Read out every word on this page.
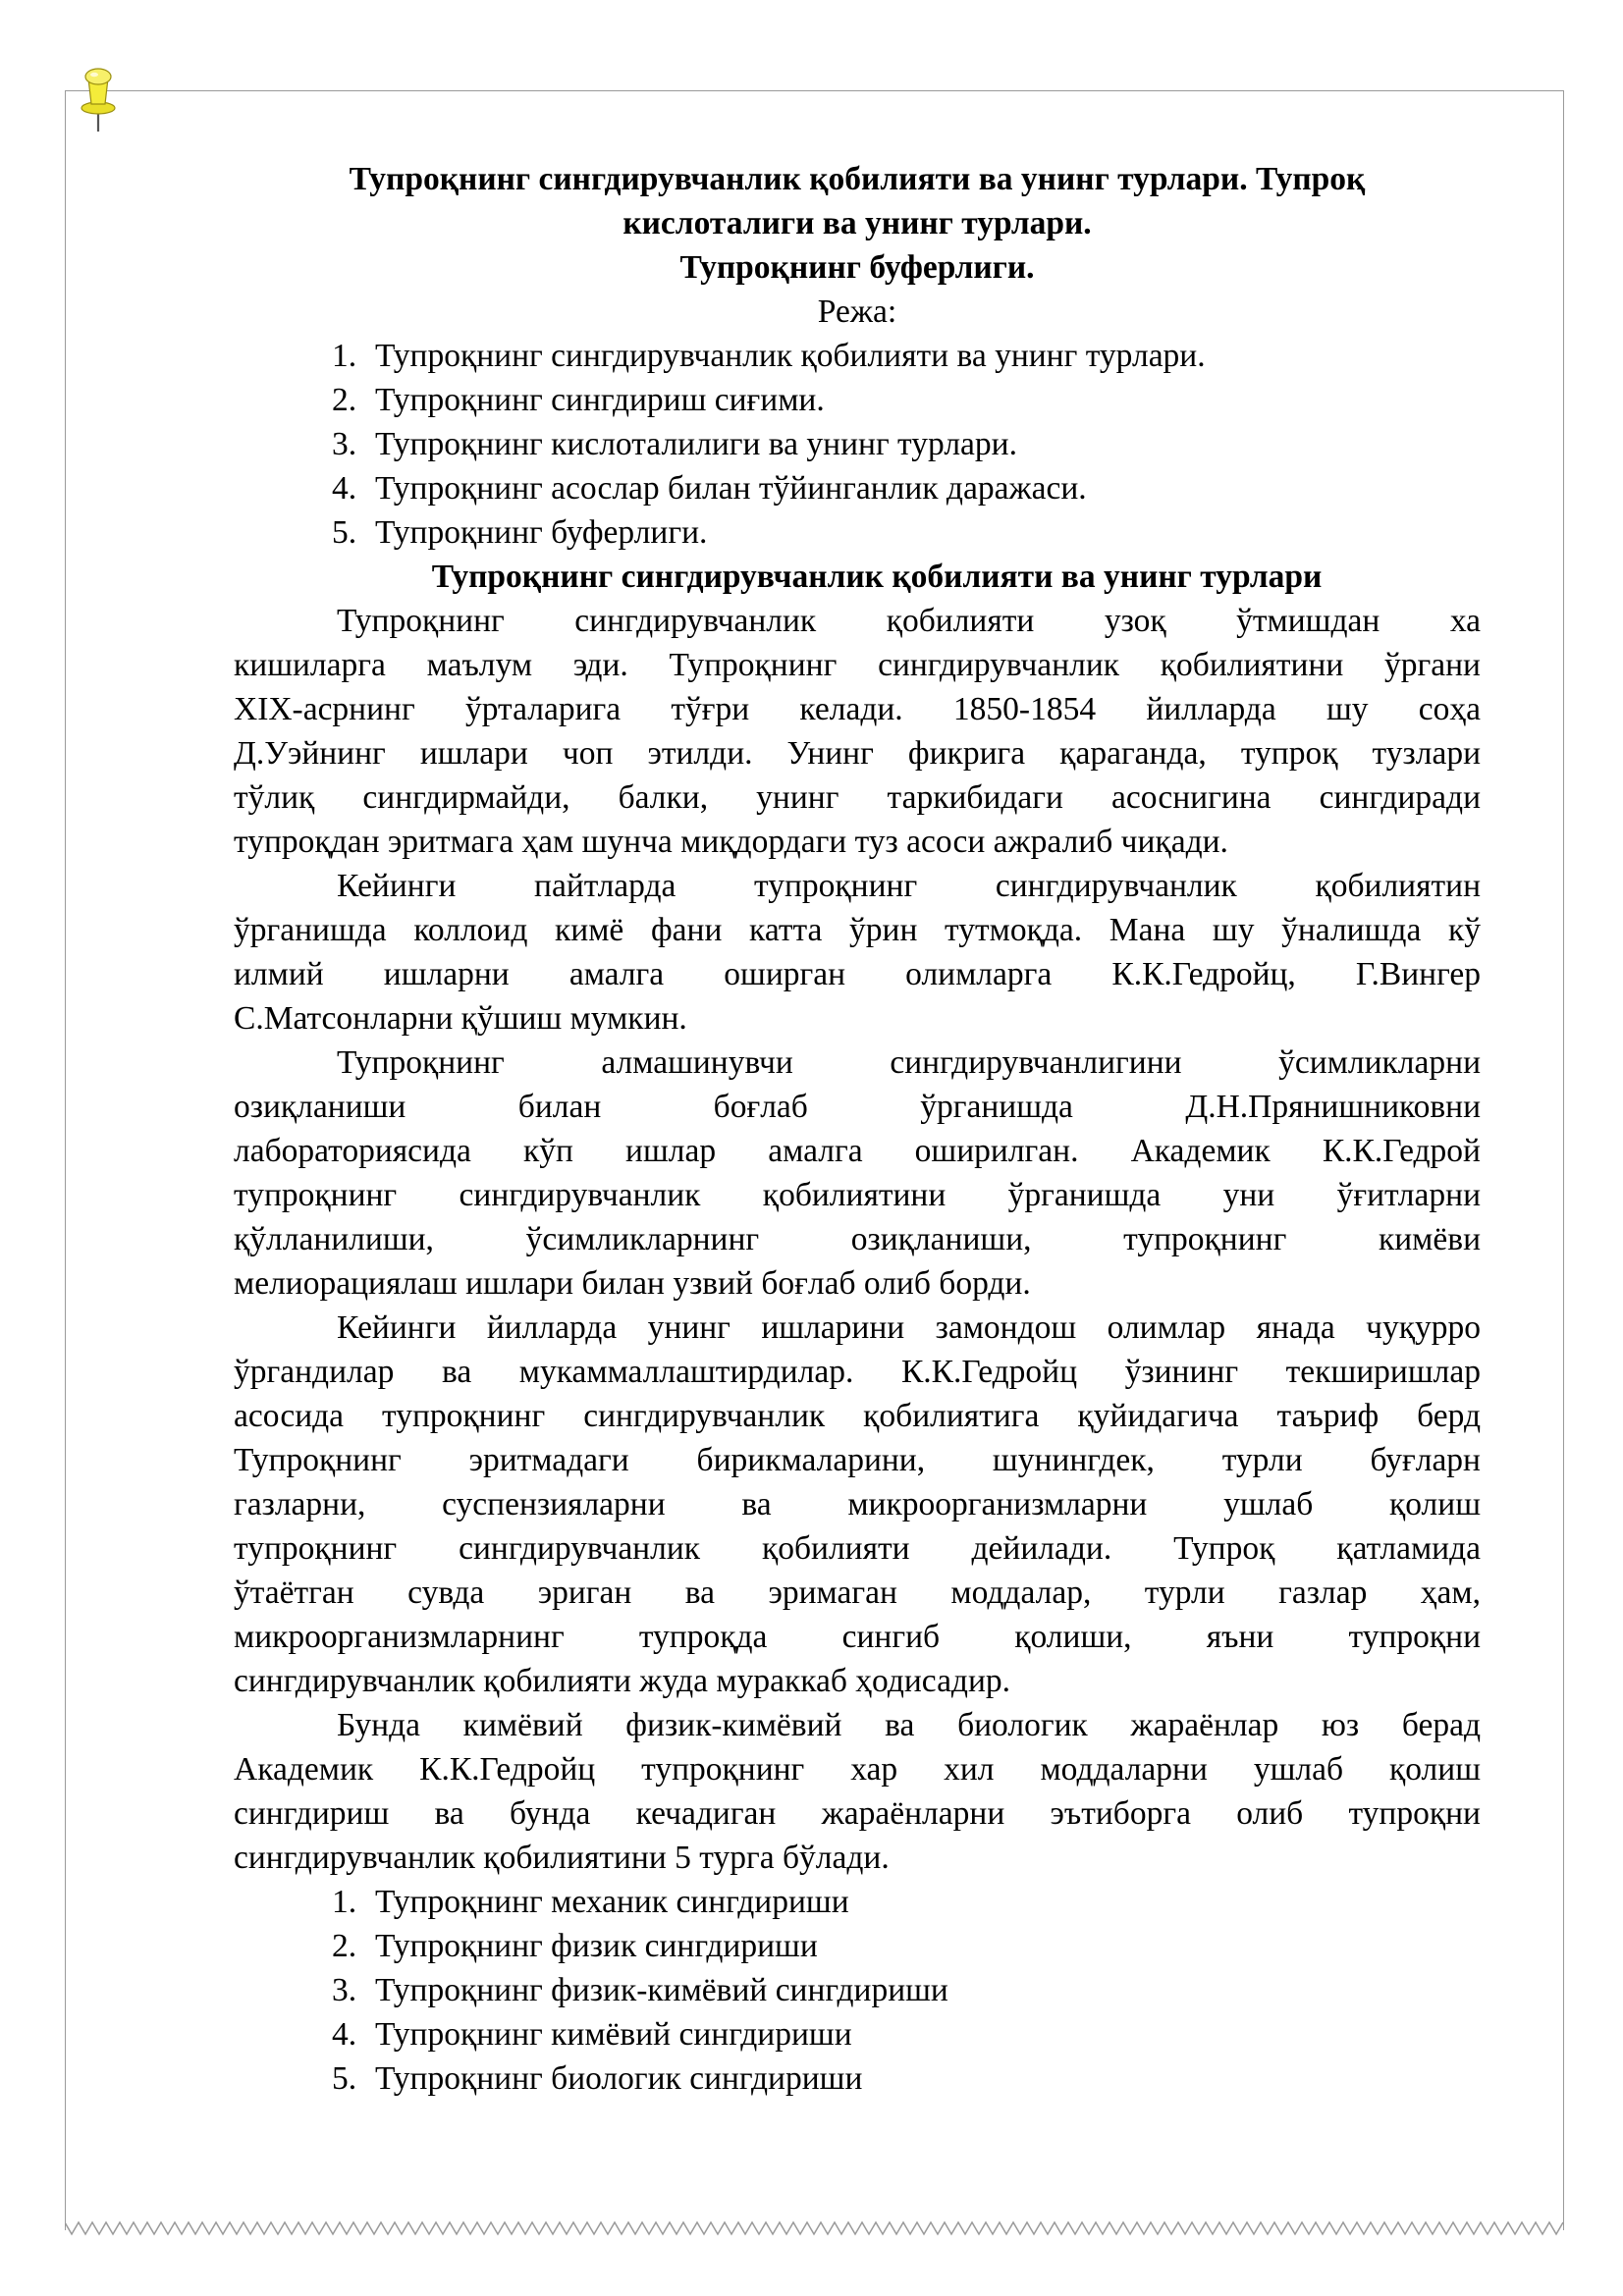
Тупроқнинг сингдирувчанлик қобилияти ва унинг турлари. Тупроқ
кислоталиги ва унинг турлари.
Тупроқнинг буферлиги.
Режа:
1. Тупроқнинг сингдирувчанлик қобилияти ва унинг турлари.
2. Тупроқнинг сингдириш сиғими.
3. Тупроқнинг кислоталилиги ва унинг турлари.
4. Тупроқнинг асослар билан тўйинганлик даражаси.
5. Тупроқнинг буферлиги.
Тупроқнинг сингдирувчанлик қобилияти ва унинг турлари
Тупроқнинг сингдирувчанлик қобилияти узоқ ўтмишдан ха
кишиларга маълум эди. Тупроқнинг сингдирувчанлик қобилиятини ўргани
XIX-асрнинг ўрталарига тўғри келади. 1850-1854 йилларда шу соҳа
Д.Уэйнинг ишлари чоп этилди. Унинг фикрига қараганда, тупроқ тузлари
тўлиқ сингдирмайди, балки, унинг таркибидаги асоснигина сингдиради
тупроқдан эритмага ҳам шунча миқдордаги туз асоси ажралиб чиқади.
Кейинги пайтларда тупроқнинг сингдирувчанлик қобилиятин
ўрганишда коллоид кимё фани катта ўрин тутмоқда. Мана шу ўналишда кў
илмий ишларни амалга оширган олимларга К.К.Гедройц, Г.Вингер
С.Матсонларни қўшиш мумкин.
Тупроқнинг алмашинувчи сингдирувчанлигини ўсимликларни
озиқланиши билан боғлаб ўрганишда Д.Н.Прянишниковни
лабораториясида кўп ишлар амалга оширилган. Академик К.К.Гедрой
тупроқнинг сингдирувчанлик қобилиятини ўрганишда уни ўғитларни
қўлланилиши, ўсимликларнинг озиқланиши, тупроқнинг кимёви
мелиорациялаш ишлари билан узвий боғлаб олиб борди.
Кейинги йилларда унинг ишларини замондош олимлар янада чуқурро
ўргандилар ва мукаммаллаштирдилар. К.К.Гедройц ўзининг текширишлар
асосида тупроқнинг сингдирувчанлик қобилиятига қуйидагича таъриф берд
Тупроқнинг эритмадаги бирикмаларини, шунингдек, турли буғларн
газларни, суспензияларни ва микроорганизмларни ушлаб қолиш
тупроқнинг сингдирувчанлик қобилияти дейилади. Тупроқ қатламида
ўтаётган сувда эриган ва эримаган моддалар, турли газлар ҳам,
микроорганизмларнинг тупроқда сингиб қолиши, яъни тупроқни
сингдирувчанлик қобилияти жуда мураккаб ҳодисадир.
Бунда кимёвий физик-кимёвий ва биологик жараёнлар юз берад
Академик К.К.Гедройц тупроқнинг хар хил моддаларни ушлаб қолиш
сингдириш ва бунда кечадиган жараёнларни эътиборга олиб тупроқни
сингдирувчанлик қобилиятини 5 турга бўлади.
1. Тупроқнинг механик сингдириши
2. Тупроқнинг физик сингдириши
3. Тупроқнинг физик-кимёвий сингдириши
4. Тупроқнинг кимёвий сингдириши
5. Тупроқнинг биологик сингдириши
